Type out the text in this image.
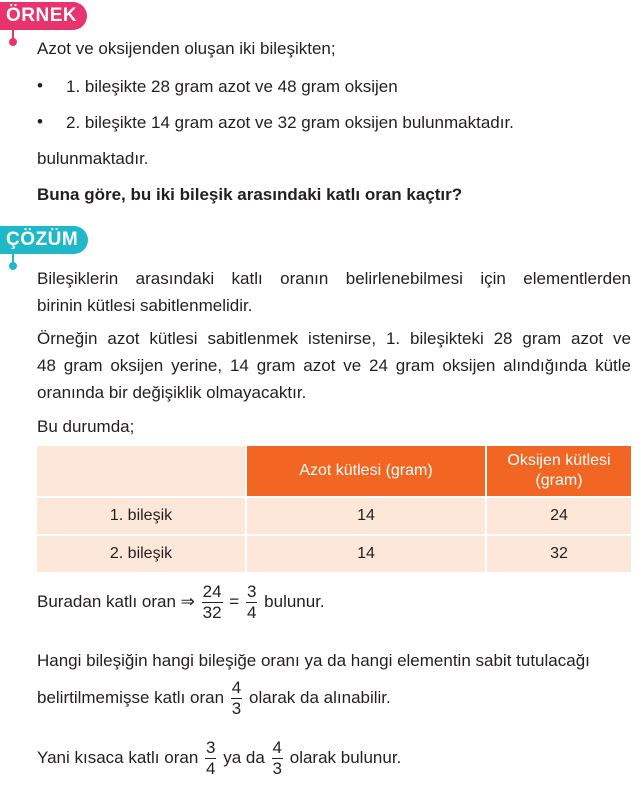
ÖRNEK

Azot ve oksijenden oluşan iki bileşikten;

• 1. bileşikte 28 gram azot ve 48 gram oksijen

• 2. bileşikte 14 gram azot ve 32 gram oksijen bulunmaktadır.

bulunmaktadır.

Buna göre, bu iki bileşik arasındaki katlı oran kaçtır?

ÇÖZÜM

Bileşiklerin arasındaki katlı oranın belirlenebilmesi için elementlerden

birinin kütlesi sabitlenmelidir.

Örneğin azot kütlesi sabitlenmek istenirse, 1. bileşikteki 28 gram azot ve

48 gram oksijen yerine, 14 gram azot ve 24 gram oksijen alındığında kütle

oranında bir değişiklik olmayacaktır.

Bu durumda;

	Azot kütlesi (gram)	Oksijen kütlesi (gram)
1. bileşik	14	24
2. bileşik	14	32
Buradan katlı oran ⇒ $\frac{24}{32} = \frac{3}{4}$ bulunur.

Hangi bileşiğin hangi bileşiğe oranı ya da hangi elementin sabit tutulacağı

belirtilmemişse katlı oran $\frac{4}{3}$ olarak da alınabilir.
Yani kısaca katlı oran $\frac{3}{4}$ ya da $\frac{4}{3}$ olarak bulunur.
